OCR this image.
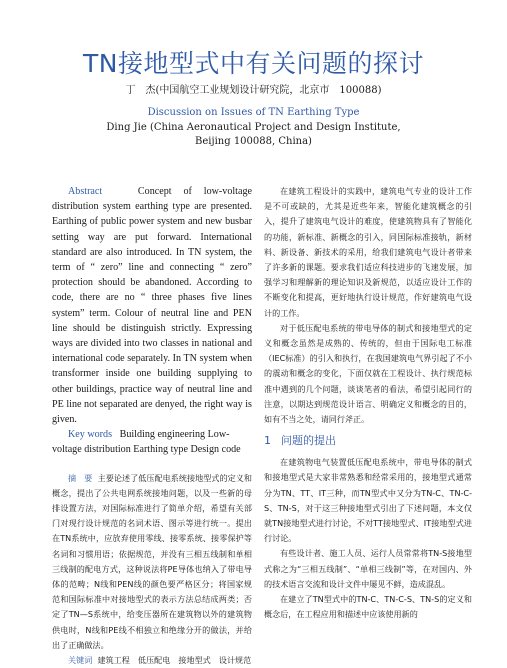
TN接地型式中有关问题的探讨
丁　杰(中国航空工业规划设计研究院，北京市　100088)
Discussion on Issues of TN Earthing Type
Ding Jie (China Aeronautical Project and Design Institute,
Beijing 100088, China)

Abstract	Concept of low-voltage distribution system earthing type are presented. Earthing of public power system and new busbar setting way are put forward. International standard are also introduced. In TN system, the term of “ zero” line and connecting “ zero” protection should be abandoned. According to code, there are no “ three phases five lines system” term. Colour of neutral line and PEN line should be distinguish strictly. Expressing ways are divided into two classes in national and international code separately. In TN system when transformer inside one building supplying to other buildings, practice way of neutral line and PE line not separated are denyed, the right way is given.

Key words Building engineering Low-voltage distribution Earthing type Design code

摘　要 主要论述了低压配电系统接地型式的定义和概念，提出了公共电网系统接地问题，以及一些新的母排设置方法，对国际标准进行了简单介绍，希望有关部门对现行设计规范的名词术语、图示等进行统一。提出在TN系统中，应放弃使用零线、接零系统、接零保护等名词和习惯用语；依据规范，并没有三相五线制和单相三线制的配电方式，这种说法将PE导体也纳入了带电导体的范畴；N线和PEN线的颜色要严格区分；将国家规范和国际标准中对接地型式的表示方法总结成两类；否定了TN—S系统中，给变压器所在建筑物以外的建筑物供电时，N线和PE线不相独立和绝缘分开的做法，并给出了正确做法。

关键词 建筑工程　低压配电　接地型式　设计规范

在建筑工程设计的实践中，建筑电气专业的设计工作是不可或缺的，尤其是近些年来，智能化建筑概念的引入，提升了建筑电气设计的难度，使建筑物具有了智能化的功能，新标准、新概念的引入，同国际标准接轨，新材料、新设备、新技术的采用，给我们建筑电气设计者带来了许多新的课题。要求我们适应科技进步的飞速发展，加强学习和理解新的理论知识及新规范，以适应设计工作的不断变化和提高，更好地执行设计规范，作好建筑电气设计的工作。

对于低压配电系统的带电导体的制式和接地型式的定义和概念虽然是成熟的、传统的，但由于国际电工标准（IEC标准）的引入和执行，在我国建筑电气界引起了不小的震动和概念的变化，下面仅就在工程设计、执行规范标准中遇到的几个问题，谈谈笔者的看法，希望引起同行的注意，以期达到规范设计语言、明确定义和概念的目的，如有不当之处，请同行斧正。

1 问题的提出

在建筑物电气装置低压配电系统中，带电导体的制式和接地型式是大家非常熟悉和经常采用的，接地型式通常分为TN、TT、IT三种，而TN型式中又分为TN-C、TN-C-S、TN-S，对于这三种接地型式引出了下述问题，本文仅就TN接地型式进行讨论，不对TT接地型式、IT接地型式进行讨论。

有些设计者、施工人员、运行人员常常将TN-S接地型式称之为“三相五线制”、“单相三线制”等，在对国内、外的技术语言交流和设计文件中屡见不鲜，造成混乱。

在建立了TN型式中的TN-C、TN-C-S、TN-S的定义和概念后，在工程应用和描述中应该使用新的
